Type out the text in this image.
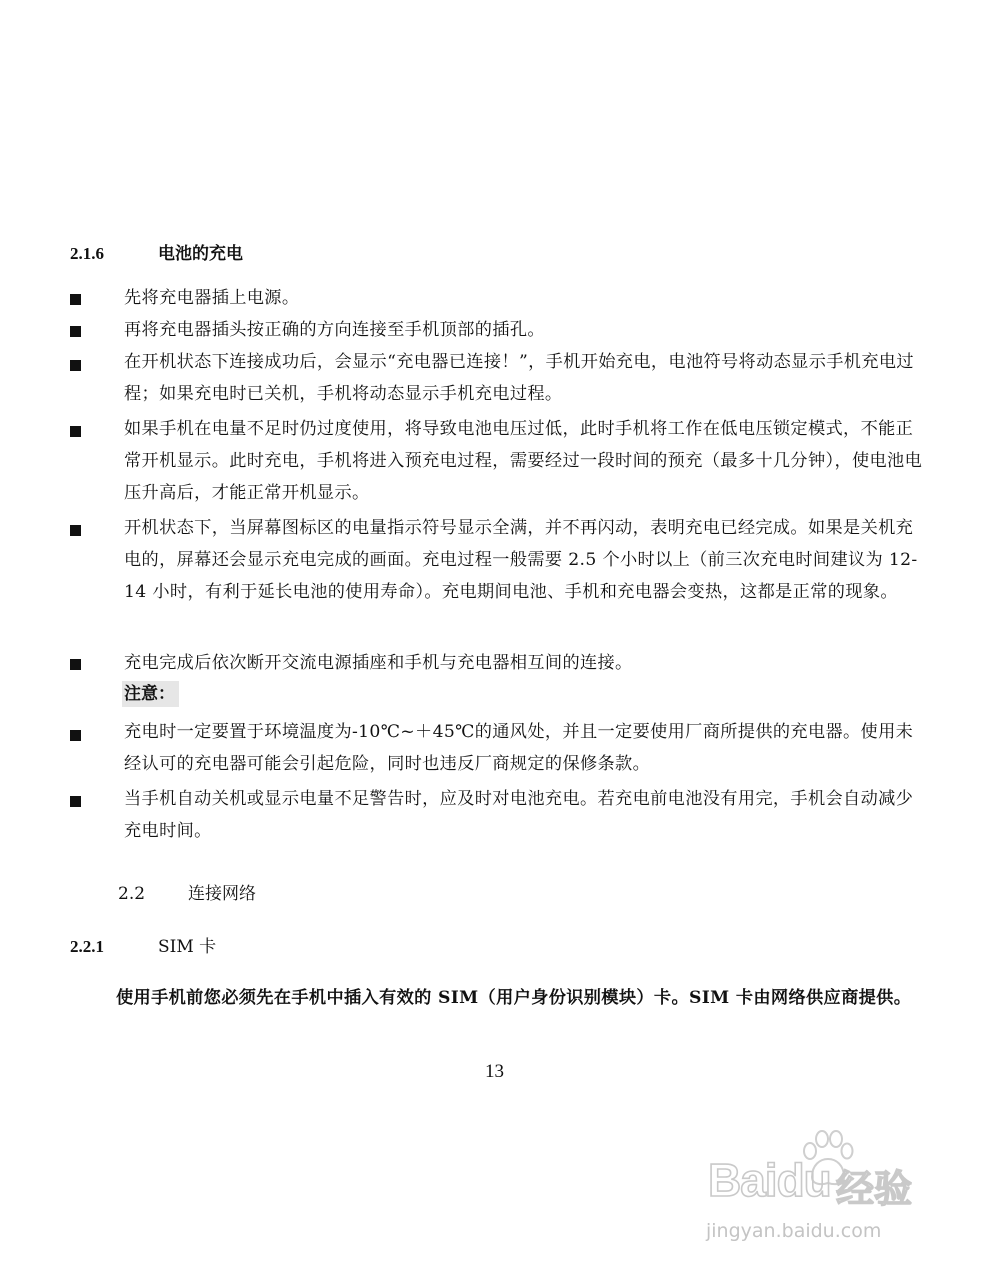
2.1.6	电池的充电
先将充电器插上电源。
再将充电器插头按正确的方向连接至手机顶部的插孔。
在开机状态下连接成功后，会显示“充电器已连接！”，手机开始充电，电池符号将动态显示手机充电过程；如果充电时已关机，手机将动态显示手机充电过程。
如果手机在电量不足时仍过度使用，将导致电池电压过低，此时手机将工作在低电压锁定模式，不能正常开机显示。此时充电，手机将进入预充电过程，需要经过一段时间的预充（最多十几分钟），使电池电压升高后，才能正常开机显示。
开机状态下，当屏幕图标区的电量指示符号显示全满，并不再闪动，表明充电已经完成。如果是关机充电的，屏幕还会显示充电完成的画面。充电过程一般需要 2.5 个小时以上（前三次充电时间建议为 12-14 小时，有利于延长电池的使用寿命）。充电期间电池、手机和充电器会变热，这都是正常的现象。
充电完成后依次断开交流电源插座和手机与充电器相互间的连接。
注意：
充电时一定要置于环境温度为-10℃~＋45℃的通风处，并且一定要使用厂商所提供的充电器。使用未经认可的充电器可能会引起危险，同时也违反厂商规定的保修条款。
当手机自动关机或显示电量不足警告时，应及时对电池充电。若充电前电池没有用完，手机会自动减少充电时间。
2.2	连接网络
2.2.1	SIM 卡
使用手机前您必须先在手机中插入有效的 SIM（用户身份识别模块）卡。SIM 卡由网络供应商提供。
13
Baidu 经验
jingyan.baidu.com
